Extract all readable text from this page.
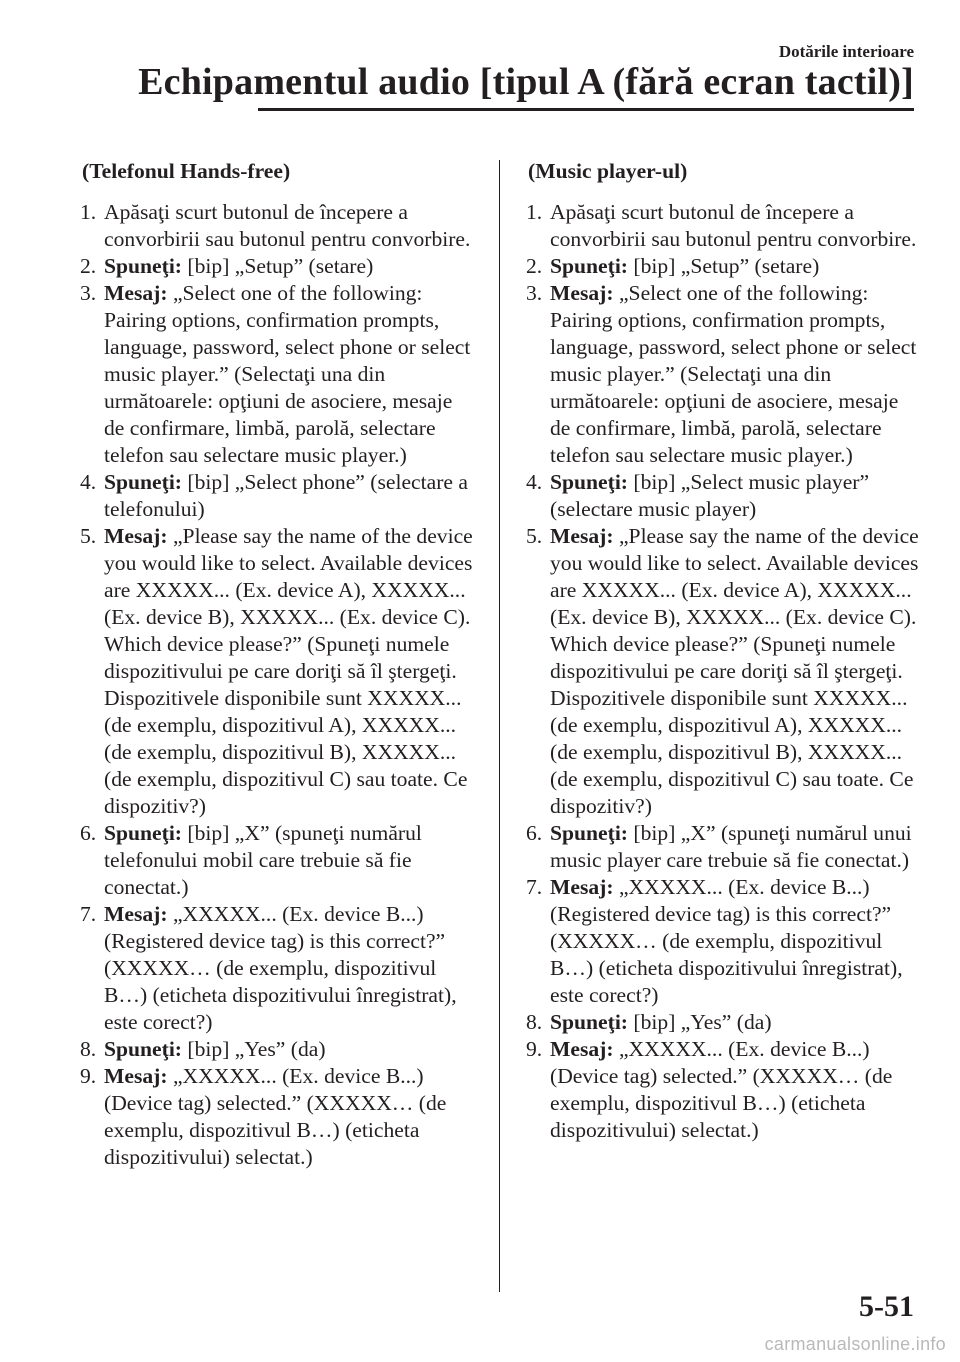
Dotările interioare

Echipamentul audio [tipul A (fără ecran tactil)]

(Telefonul Hands-free)

1. Apăsaţi scurt butonul de începere a convorbirii sau butonul pentru convorbire.
2. Spuneţi: [bip] „Setup” (setare)
3. Mesaj: „Select one of the following: Pairing options, confirmation prompts, language, password, select phone or select music player.” (Selectaţi una din următoarele: opţiuni de asociere, mesaje de confirmare, limbă, parolă, selectare telefon sau selectare music player.)
4. Spuneţi: [bip] „Select phone” (selectare a telefonului)
5. Mesaj: „Please say the name of the device you would like to select. Available devices are XXXXX... (Ex. device A), XXXXX... (Ex. device B), XXXXX... (Ex. device C). Which device please?” (Spuneţi numele dispozitivului pe care doriţi să îl ştergeţi. Dispozitivele disponibile sunt XXXXX... (de exemplu, dispozitivul A), XXXXX... (de exemplu, dispozitivul B), XXXXX... (de exemplu, dispozitivul C) sau toate. Ce dispozitiv?)
6. Spuneţi: [bip] „X” (spuneţi numărul telefonului mobil care trebuie să fie conectat.)
7. Mesaj: „XXXXX... (Ex. device B...) (Registered device tag) is this correct?” (XXXXX… (de exemplu, dispozitivul B…) (eticheta dispozitivului înregistrat), este corect?)
8. Spuneţi: [bip] „Yes” (da)
9. Mesaj: „XXXXX... (Ex. device B...) (Device tag) selected.” (XXXXX… (de exemplu, dispozitivul B…) (eticheta dispozitivului) selectat.)

(Music player-ul)

1. Apăsaţi scurt butonul de începere a convorbirii sau butonul pentru convorbire.
2. Spuneţi: [bip] „Setup” (setare)
3. Mesaj: „Select one of the following: Pairing options, confirmation prompts, language, password, select phone or select music player.” (Selectaţi una din următoarele: opţiuni de asociere, mesaje de confirmare, limbă, parolă, selectare telefon sau selectare music player.)
4. Spuneţi: [bip] „Select music player” (selectare music player)
5. Mesaj: „Please say the name of the device you would like to select. Available devices are XXXXX... (Ex. device A), XXXXX... (Ex. device B), XXXXX... (Ex. device C). Which device please?” (Spuneţi numele dispozitivului pe care doriţi să îl ştergeţi. Dispozitivele disponibile sunt XXXXX... (de exemplu, dispozitivul A), XXXXX... (de exemplu, dispozitivul B), XXXXX... (de exemplu, dispozitivul C) sau toate. Ce dispozitiv?)
6. Spuneţi: [bip] „X” (spuneţi numărul unui music player care trebuie să fie conectat.)
7. Mesaj: „XXXXX... (Ex. device B...) (Registered device tag) is this correct?” (XXXXX… (de exemplu, dispozitivul B…) (eticheta dispozitivului înregistrat), este corect?)
8. Spuneţi: [bip] „Yes” (da)
9. Mesaj: „XXXXX... (Ex. device B...) (Device tag) selected.” (XXXXX… (de exemplu, dispozitivul B…) (eticheta dispozitivului) selectat.)

5-51

carmanualsonline.info
